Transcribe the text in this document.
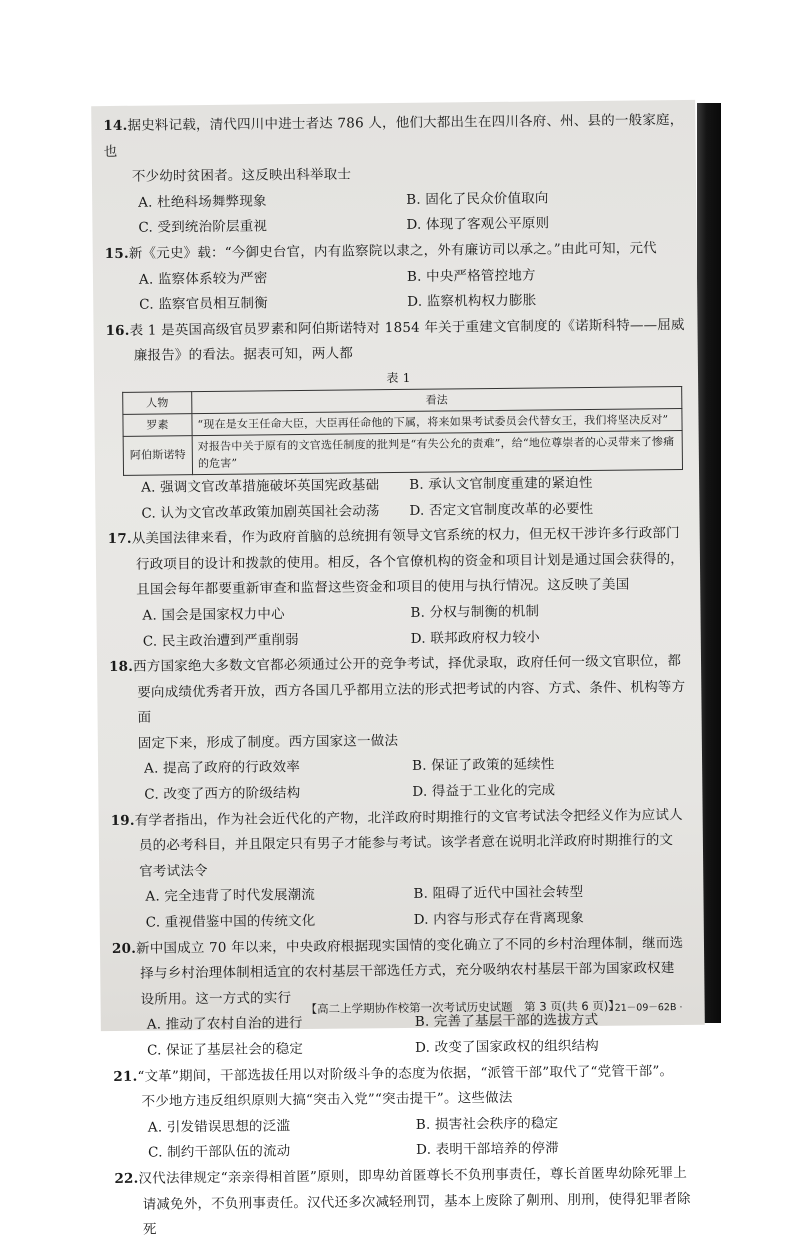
14.据史料记载，清代四川中进士者达 786 人，他们大都出生在四川各府、州、县的一般家庭，也
不少幼时贫困者。这反映出科举取士
A. 杜绝科场舞弊现象	B. 固化了民众价值取向
C. 受到统治阶层重视	D. 体现了客观公平原则
15.新《元史》载：“今御史台官，内有监察院以隶之，外有廉访司以承之。”由此可知，元代
A. 监察体系较为严密	B. 中央严格管控地方
C. 监察官员相互制衡	D. 监察机构权力膨胀
16.表 1 是英国高级官员罗素和阿伯斯诺特对 1854 年关于重建文官制度的《诺斯科特——屈威
廉报告》的看法。据表可知，两人都
表 1
人物	看法
罗素	“现在是女王任命大臣，大臣再任命他的下属，将来如果考试委员会代替女王，我们将坚决反对”
阿伯斯诺特	对报告中关于原有的文官选任制度的批判是“有失公允的责难”，给“地位尊崇者的心灵带来了惨痛的危害”
A. 强调文官改革措施破坏英国宪政基础 B. 承认文官制度重建的紧迫性
C. 认为文官改革政策加剧英国社会动荡 D. 否定文官制度改革的必要性
17.从美国法律来看，作为政府首脑的总统拥有领导文官系统的权力，但无权干涉许多行政部门
行政项目的设计和拨款的使用。相反，各个官僚机构的资金和项目计划是通过国会获得的，
且国会每年都要重新审查和监督这些资金和项目的使用与执行情况。这反映了美国
A. 国会是国家权力中心	B. 分权与制衡的机制
C. 民主政治遭到严重削弱	D. 联邦政府权力较小
18.西方国家绝大多数文官都必须通过公开的竞争考试，择优录取，政府任何一级文官职位，都
要向成绩优秀者开放，西方各国几乎都用立法的形式把考试的内容、方式、条件、机构等方面
固定下来，形成了制度。西方国家这一做法
A. 提高了政府的行政效率	B. 保证了政策的延续性
C. 改变了西方的阶级结构	D. 得益于工业化的完成
19.有学者指出，作为社会近代化的产物，北洋政府时期推行的文官考试法令把经义作为应试人
员的必考科目，并且限定只有男子才能参与考试。该学者意在说明北洋政府时期推行的文
官考试法令
A. 完全违背了时代发展潮流	B. 阻碍了近代中国社会转型
C. 重视借鉴中国的传统文化	D. 内容与形式存在背离现象
20.新中国成立 70 年以来，中央政府根据现实国情的变化确立了不同的乡村治理体制，继而选
择与乡村治理体制相适宜的农村基层干部选任方式，充分吸纳农村基层干部为国家政权建
设所用。这一方式的实行
A. 推动了农村自治的进行	B. 完善了基层干部的选拔方式
C. 保证了基层社会的稳定	D. 改变了国家政权的组织结构
21.“文革”期间，干部选拔任用以对阶级斗争的态度为依据，“派管干部”取代了“党管干部”。
不少地方违反组织原则大搞“突击入党”“突击提干”。这些做法
A. 引发错误思想的泛滥	B. 损害社会秩序的稳定
C. 制约干部队伍的流动	D. 表明干部培养的停滞
22.汉代法律规定“亲亲得相首匿”原则，即卑幼首匿尊长不负刑事责任，尊长首匿卑幼除死罪上
请减免外，不负刑事责任。汉代还多次减轻刑罚，基本上废除了劓刑、刖刑，使得犯罪者除死
【高二上学期协作校第一次考试历史试题　第 3 页(共 6 页)】
· 21－09－62B ·
